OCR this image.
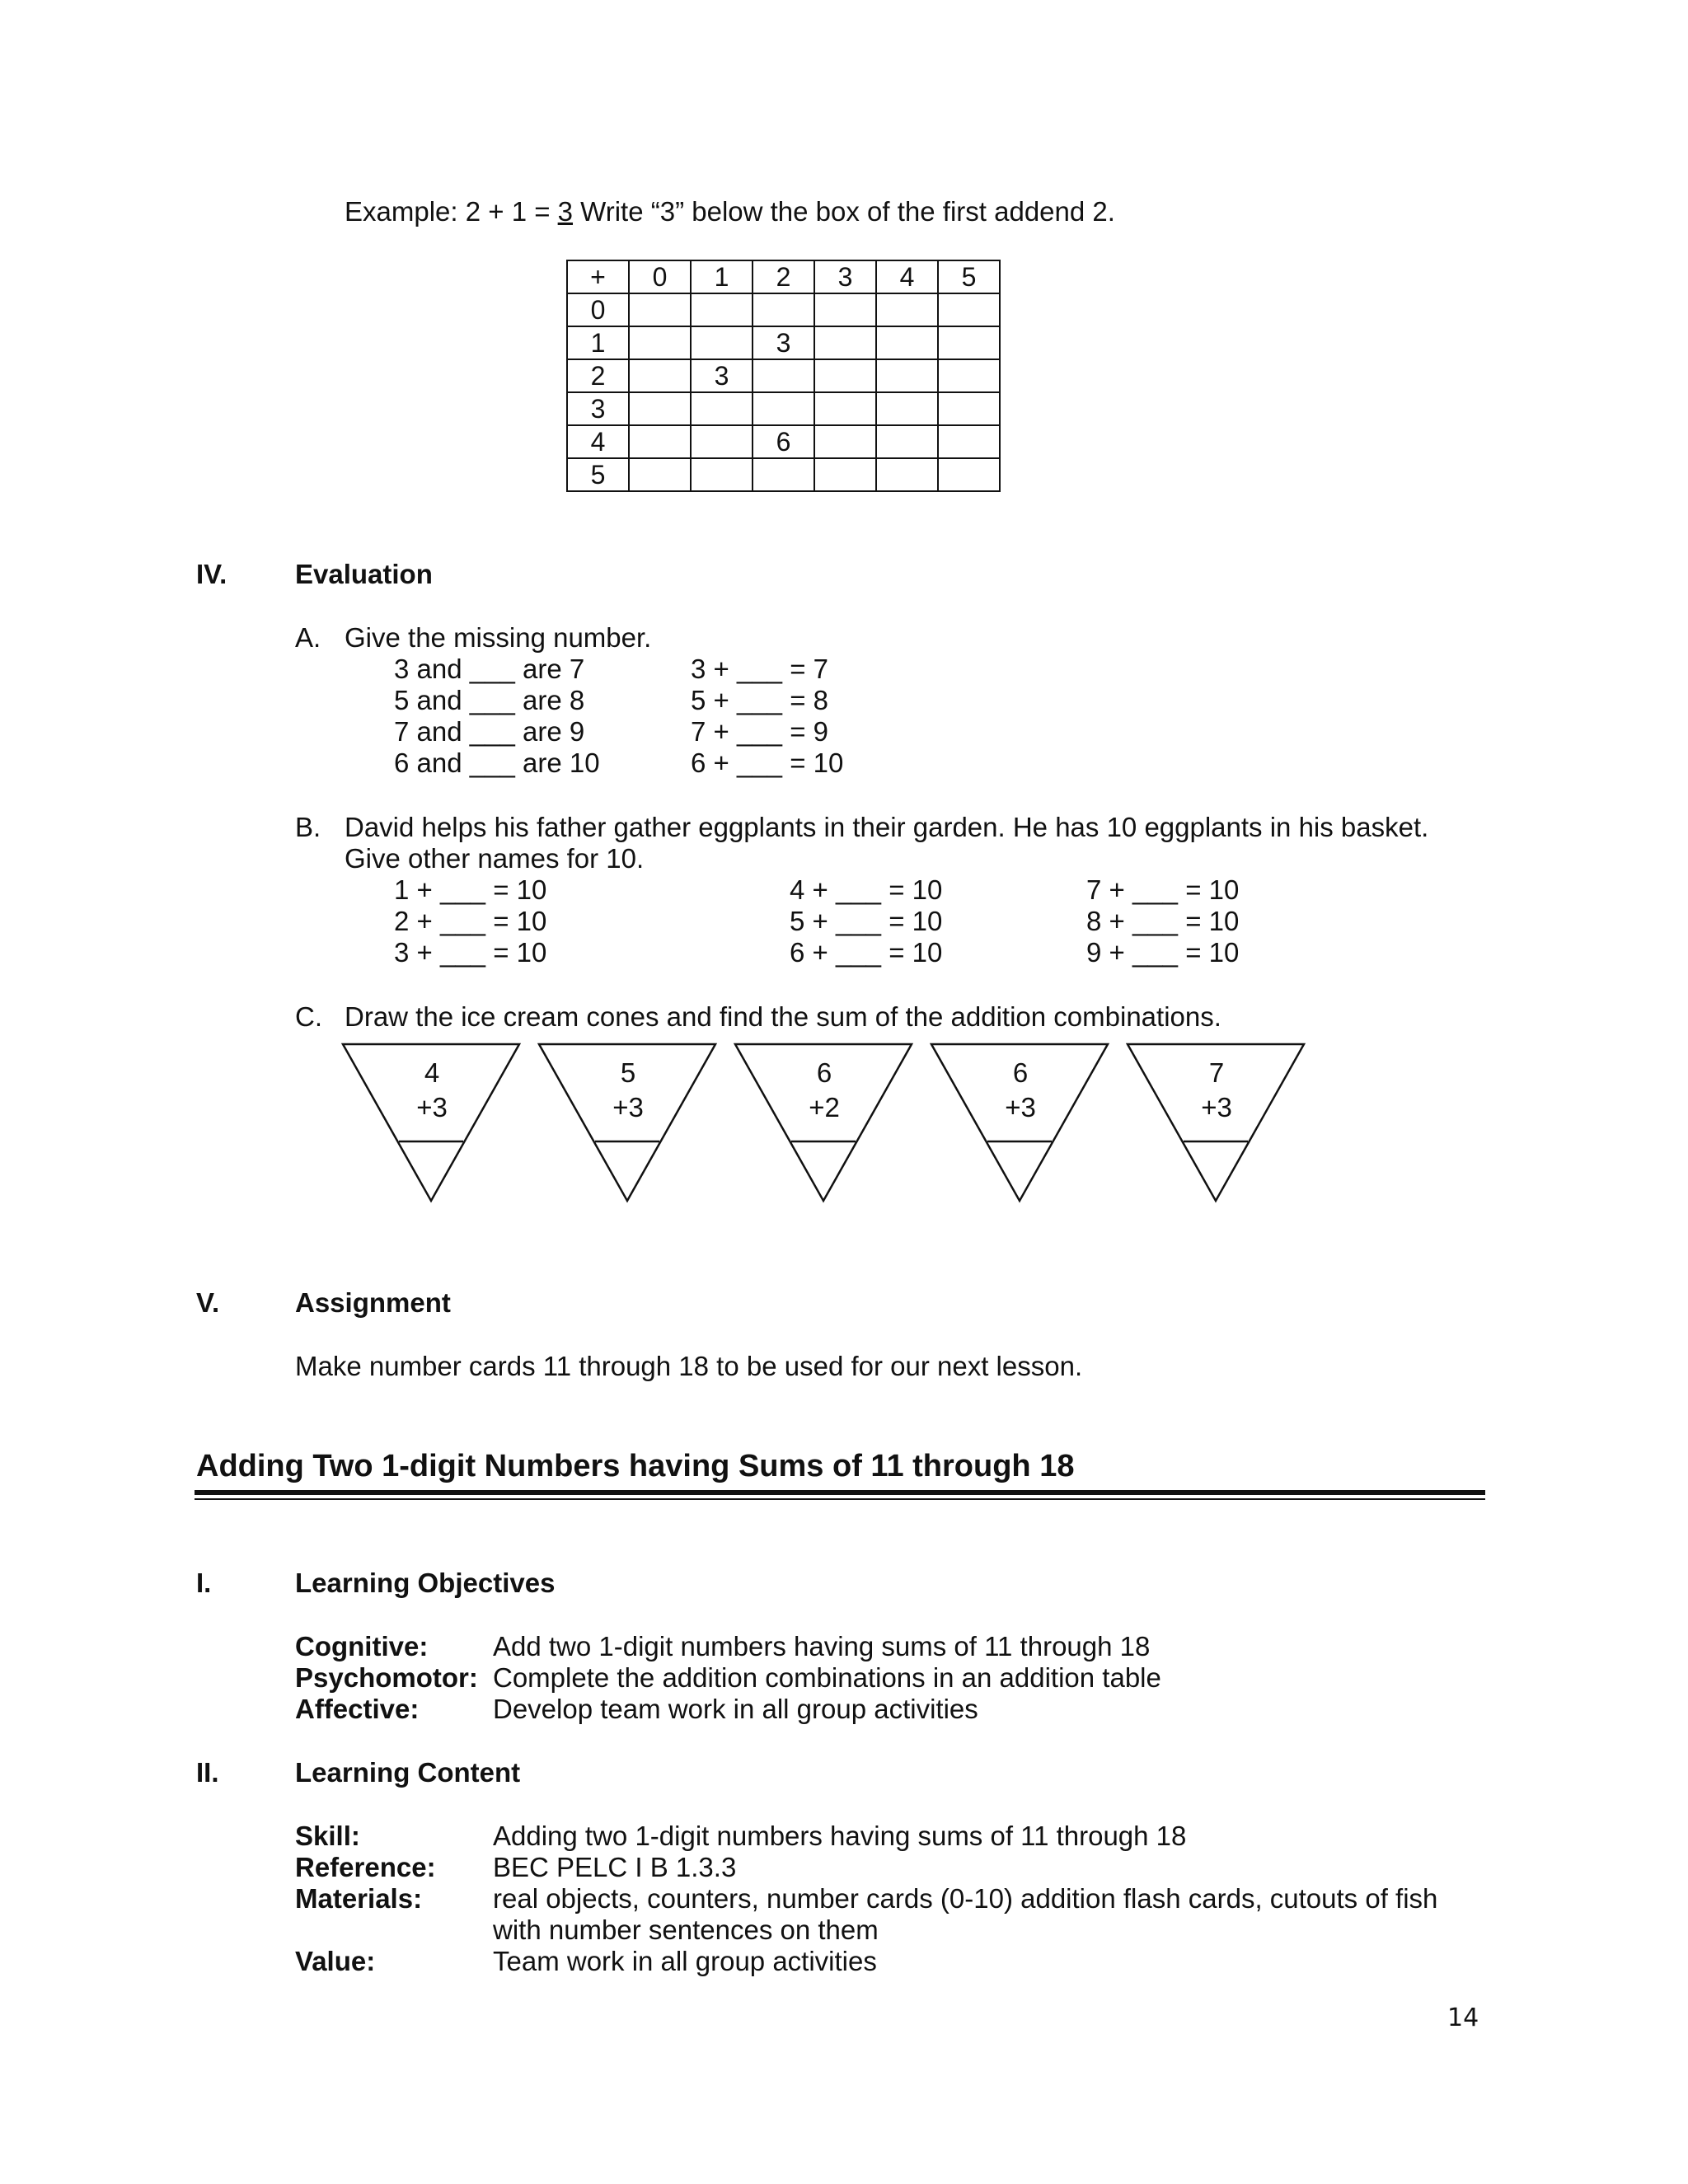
Example: 2 + 1 = 3 Write “3” below the box of the first addend 2.
+	0	1	2	3	4	5
0						
1			3			
2		3				
3						
4			6			
5						
IV.	Evaluation
A. Give the missing number.
3 and ___ are 7
5 and ___ are 8
7 and ___ are 9
6 and ___ are 10
3 + ___ = 7
5 + ___ = 8
7 + ___ = 9
6 + ___ = 10
B. David helps his father gather eggplants in their garden. He has 10 eggplants in his basket.
Give other names for 10.
1 + ___ = 10
2 + ___ = 10
3 + ___ = 10
4 + ___ = 10
5 + ___ = 10
6 + ___ = 10
7 + ___ = 10
8 + ___ = 10
9 + ___ = 10
C. Draw the ice cream cones and find the sum of the addition combinations.
4
+3
5
+3
6
+2
6
+3
7
+3
V.	Assignment
Make number cards 11 through 18 to be used for our next lesson.
Adding Two 1-digit Numbers having Sums of 11 through 18
I.	Learning Objectives
Cognitive: Add two 1-digit numbers having sums of 11 through 18
Psychomotor: Complete the addition combinations in an addition table
Affective:	Develop team work in all group activities
II.	Learning Content
Skill:	Adding two 1-digit numbers having sums of 11 through 18
Reference: BEC PELC I B 1.3.3
Materials:	real objects, counters, number cards (0-10) addition flash cards, cutouts of fish
with number sentences on them
Value:	Team work in all group activities
14
